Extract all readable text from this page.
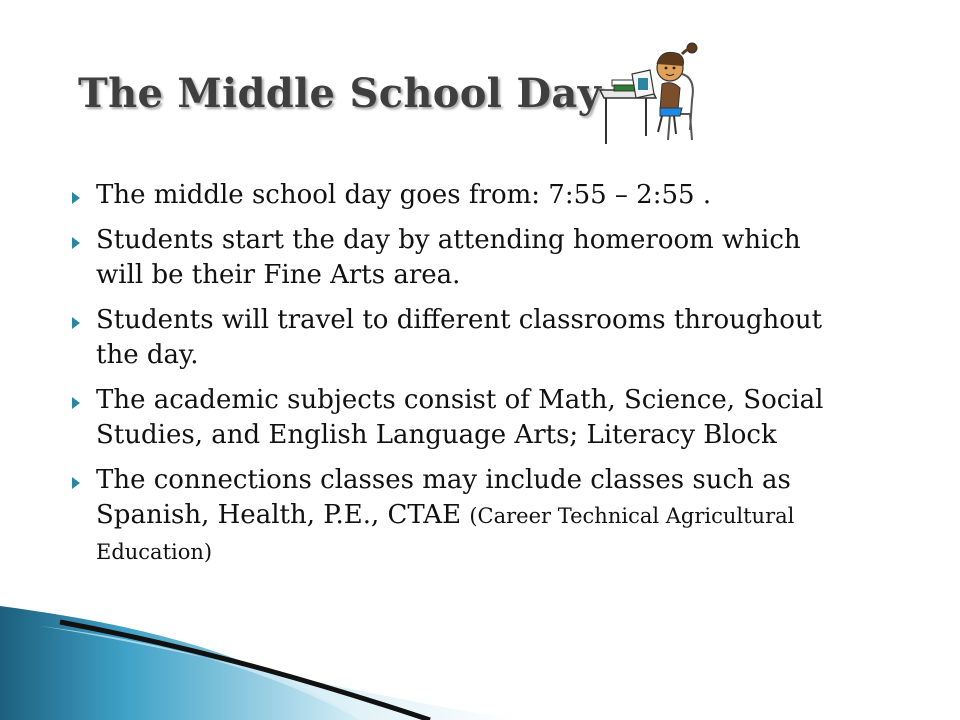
The Middle School Day
The middle school day goes from: 7:55 – 2:55 .
Students start the day by attending homeroom which will be their Fine Arts area.
Students will travel to different classrooms throughout the day.
The academic subjects consist of Math, Science, Social Studies, and English Language Arts; Literacy Block
The connections classes may include classes such as Spanish, Health, P.E., CTAE (Career Technical Agricultural Education)
